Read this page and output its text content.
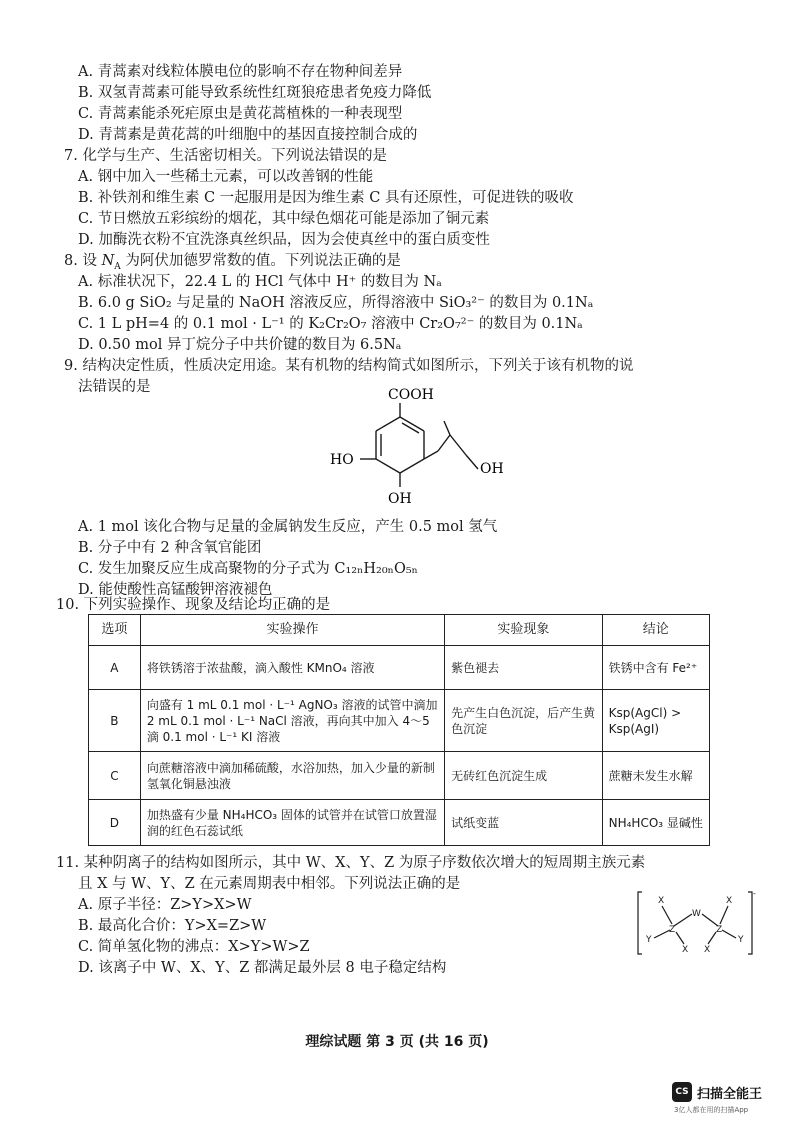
A. 青蒿素对线粒体膜电位的影响不存在物种间差异
B. 双氢青蒿素可能导致系统性红斑狼疮患者免疫力降低
C. 青蒿素能杀死疟原虫是黄花蒿植株的一种表现型
D. 青蒿素是黄花蒿的叶细胞中的基因直接控制合成的
7. 化学与生产、生活密切相关。下列说法错误的是
A. 钢中加入一些稀土元素，可以改善钢的性能
B. 补铁剂和维生素 C 一起服用是因为维生素 C 具有还原性，可促进铁的吸收
C. 节日燃放五彩缤纷的烟花，其中绿色烟花可能是添加了铜元素
D. 加酶洗衣粉不宜洗涤真丝织品，因为会使真丝中的蛋白质变性
8. 设 $N_A$ 为阿伏加德罗常数的值。下列说法正确的是
A. 标准状况下，22.4 L 的 HCl 气体中 H⁺ 的数目为 Nₐ
B. 6.0 g SiO₂ 与足量的 NaOH 溶液反应，所得溶液中 SiO₃²⁻ 的数目为 0.1Nₐ
C. 1 L pH=4 的 0.1 mol · L⁻¹ 的 K₂Cr₂O₇ 溶液中 Cr₂O₇²⁻ 的数目为 0.1Nₐ
D. 0.50 mol 异丁烷分子中共价键的数目为 6.5Nₐ
9. 结构决定性质，性质决定用途。某有机物的结构简式如图所示，下列关于该有机物的说
法错误的是	COOH
HO
OH
OH
A. 1 mol 该化合物与足量的金属钠发生反应，产生 0.5 mol 氢气
B. 分子中有 2 种含氧官能团
C. 发生加聚反应生成高聚物的分子式为 C₁₂ₙH₂₀ₙO₅ₙ
D. 能使酸性高锰酸钾溶液褪色
10. 下列实验操作、现象及结论均正确的是
选项	实验操作	实验现象	结论
A	将铁锈溶于浓盐酸，滴入酸性 KMnO₄ 溶液	紫色褪去	铁锈中含有 Fe²⁺
B	向盛有 1 mL 0.1 mol · L⁻¹ AgNO₃ 溶液的试管中滴加 2 mL 0.1 mol · L⁻¹ NaCl 溶液，再向其中加入 4～5 滴 0.1 mol · L⁻¹ KI 溶液	先产生白色沉淀，后产生黄色沉淀	Ksp(AgCl) > Ksp(AgI)
C	向蔗糖溶液中滴加稀硫酸，水浴加热，加入少量的新制氢氧化铜悬浊液	无砖红色沉淀生成	蔗糖未发生水解
D	加热盛有少量 NH₄HCO₃ 固体的试管并在试管口放置湿润的红色石蕊试纸	试纸变蓝	NH₄HCO₃ 显碱性
11. 某种阴离子的结构如图所示，其中 W、X、Y、Z 为原子序数依次增大的短周期主族元素
且 X 与 W、Y、Z 在元素周期表中相邻。下列说法正确的是
A. 原子半径：Z>Y>X>W
B. 最高化合价：Y>X=Z>W
C. 简单氢化物的沸点：X>Y>W>Z
D. 该离子中 W、X、Y、Z 都满足最外层 8 电子稳定结构
X
W
X
Z	Z
Y	Y
X X
-
理综试题 第 3 页 (共 16 页)
CS 扫描全能王
3亿人都在用的扫描App
